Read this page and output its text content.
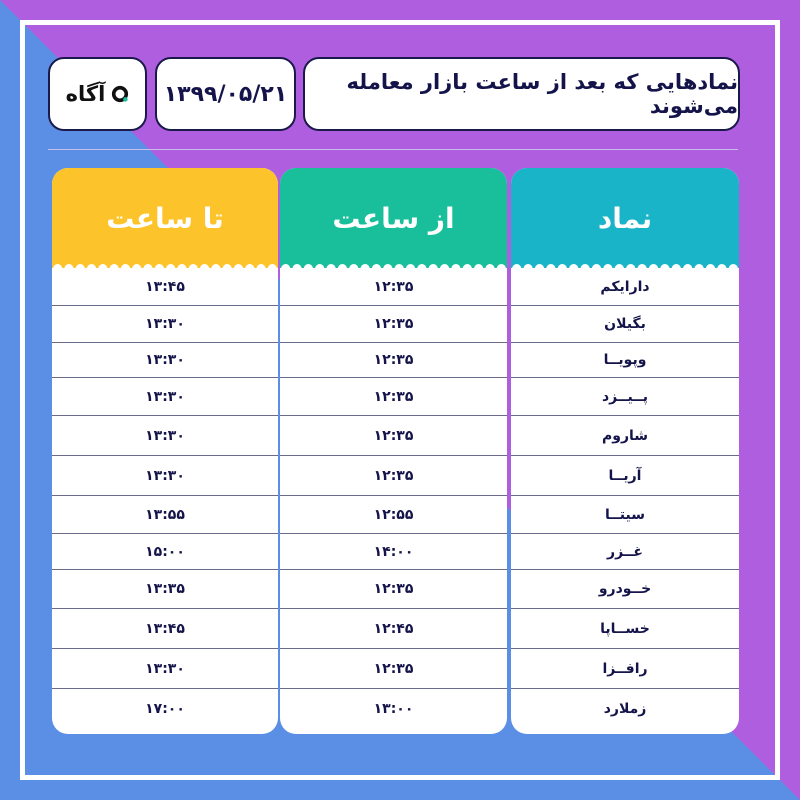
نمادهایی که بعد از ساعت بازار معامله می‌شوند
۱۳۹۹/۰۵/۲۱
آگاه
نماد
دارایکم
بگیلان
وپویــا
پــیــزد
شاروم
آریــا
سیتــا
غــزر
خــودرو
خســاپا
رافــزا
زملارد
از ساعت
۱۲:۳۵
۱۲:۳۵
۱۲:۳۵
۱۲:۳۵
۱۲:۳۵
۱۲:۳۵
۱۲:۵۵
۱۴:۰۰
۱۲:۳۵
۱۲:۴۵
۱۲:۳۵
۱۳:۰۰
تا ساعت
۱۳:۴۵
۱۳:۳۰
۱۳:۳۰
۱۳:۳۰
۱۳:۳۰
۱۳:۳۰
۱۳:۵۵
۱۵:۰۰
۱۳:۳۵
۱۳:۴۵
۱۳:۳۰
۱۷:۰۰
